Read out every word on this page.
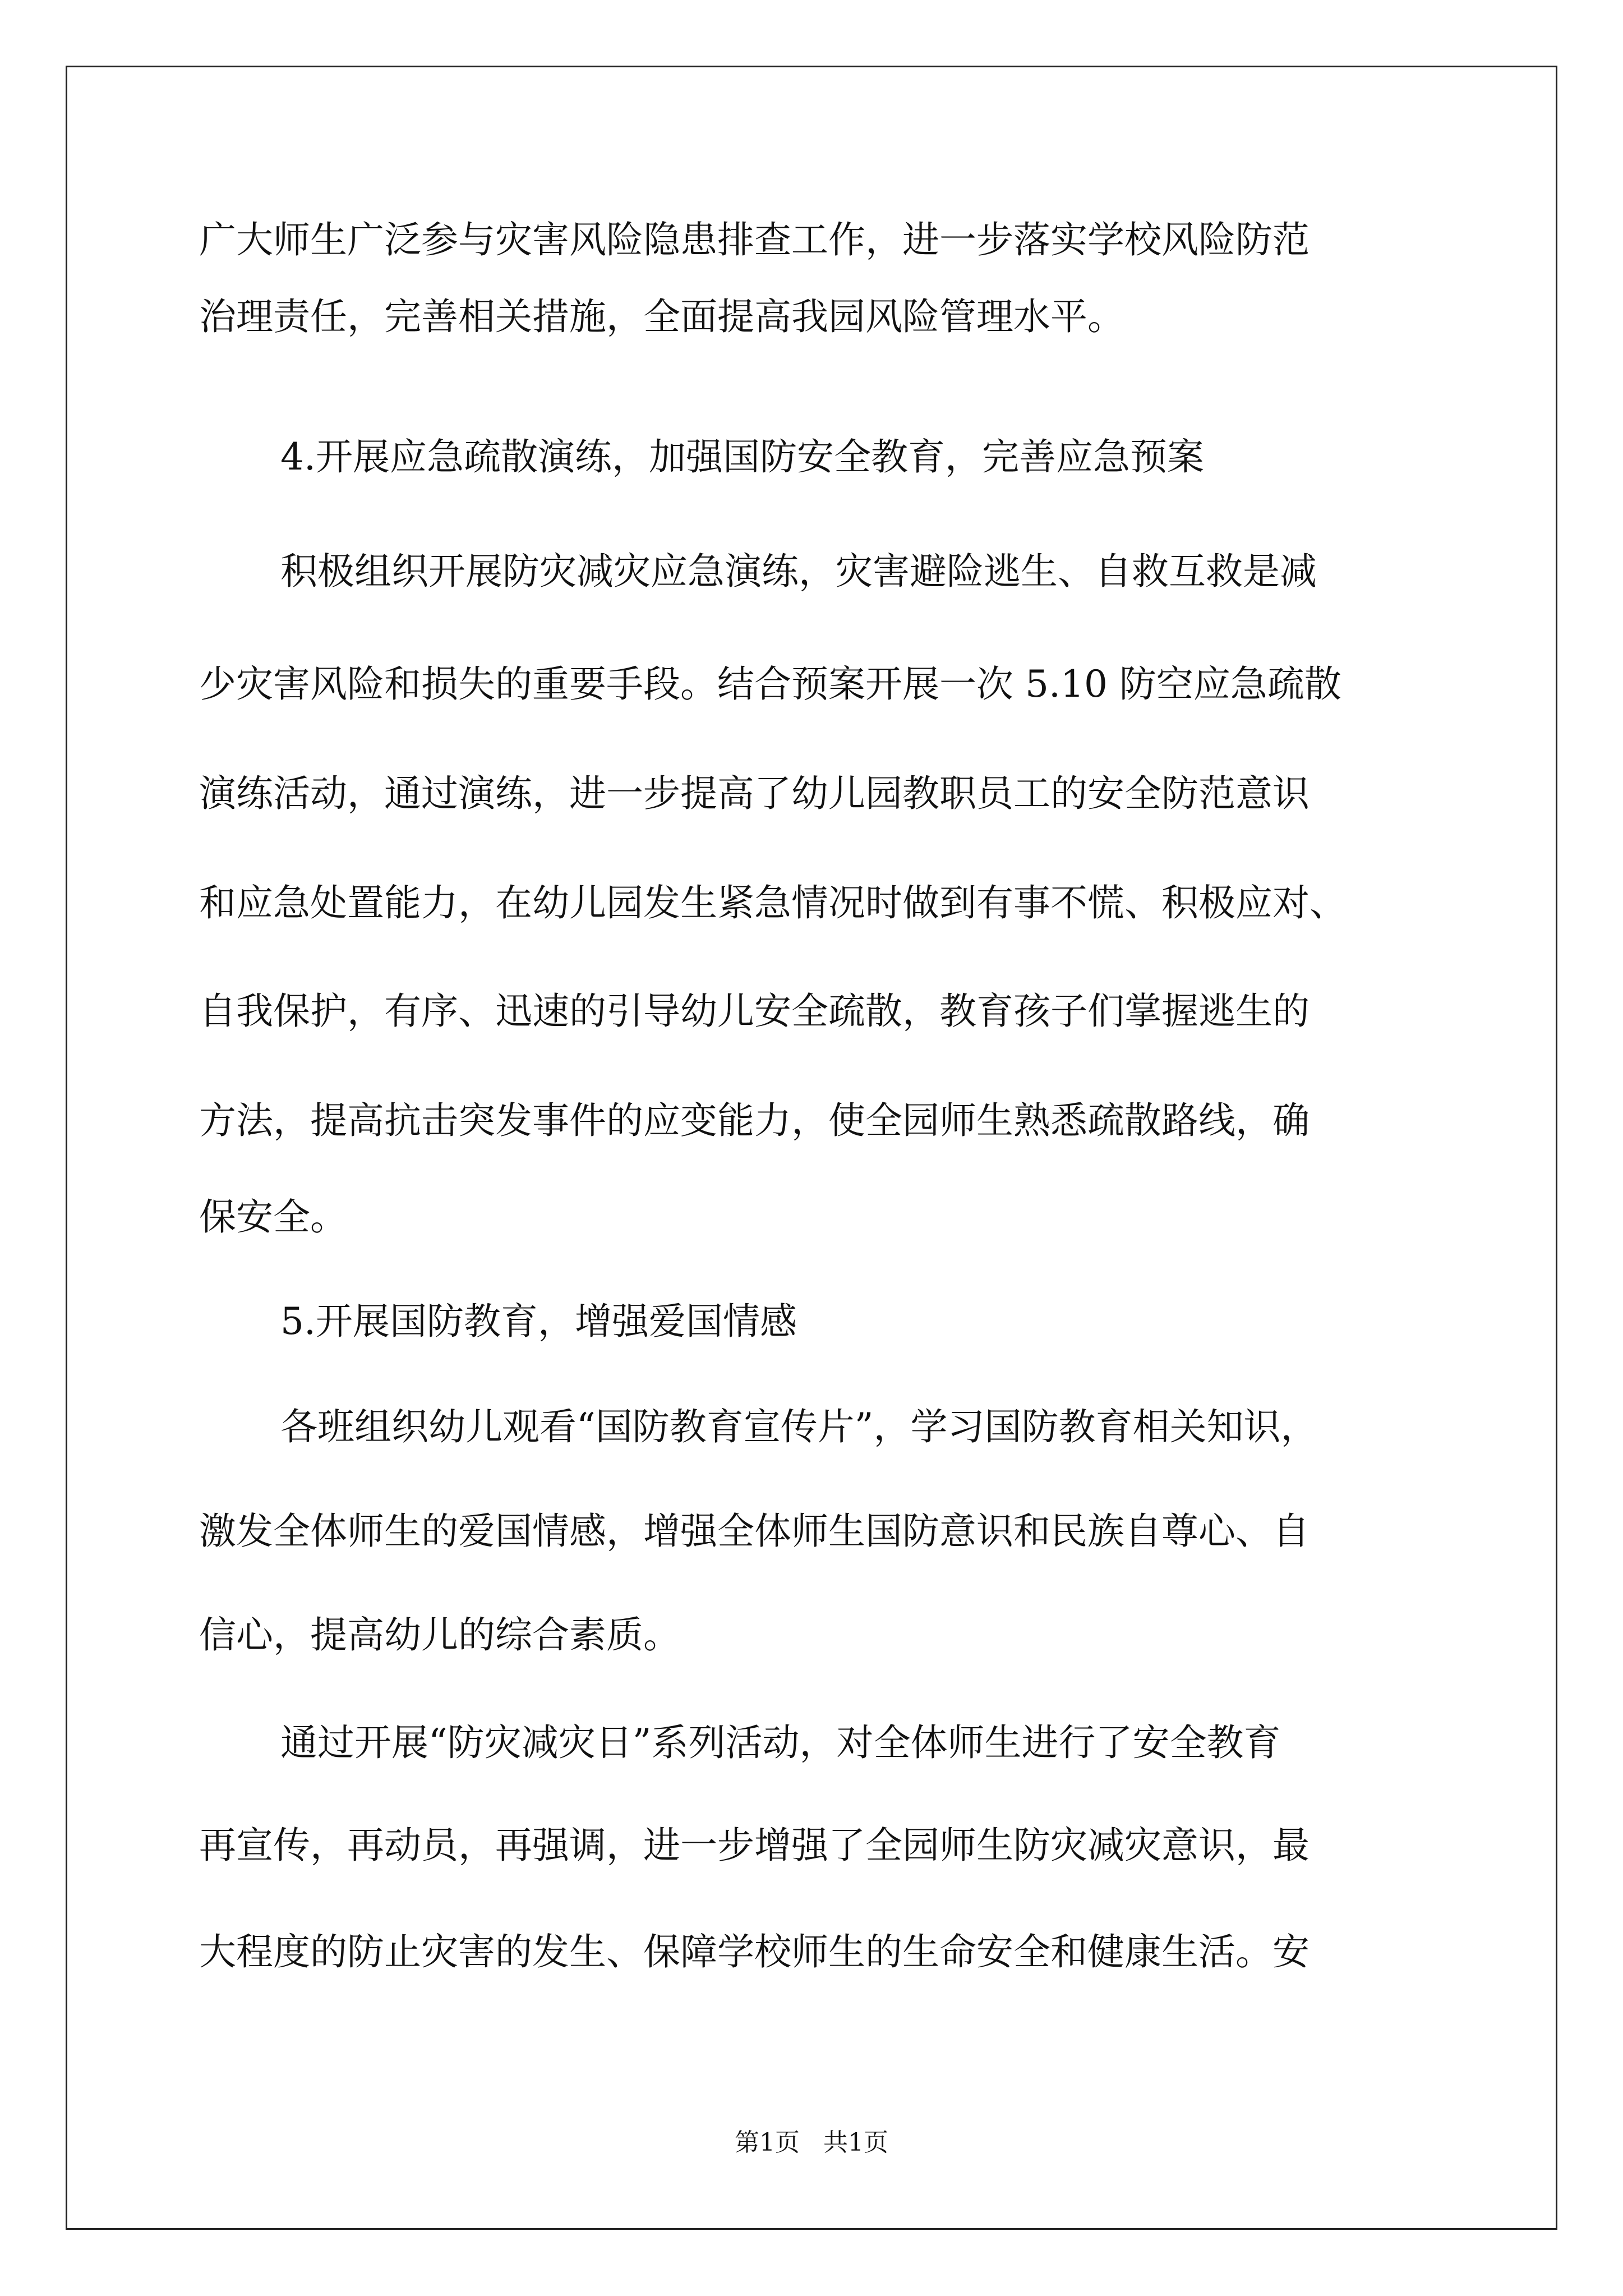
广大师生广泛参与灾害风险隐患排查工作，进一步落实学校风险防范
治理责任，完善相关措施，全面提高我园风险管理水平。
4.开展应急疏散演练，加强国防安全教育，完善应急预案
积极组织开展防灾减灾应急演练，灾害避险逃生、自救互救是减
少灾害风险和损失的重要手段。结合预案开展一次 5.10 防空应急疏散
演练活动，通过演练，进一步提高了幼儿园教职员工的安全防范意识
和应急处置能力，在幼儿园发生紧急情况时做到有事不慌、积极应对、
自我保护，有序、迅速的引导幼儿安全疏散，教育孩子们掌握逃生的
方法，提高抗击突发事件的应变能力，使全园师生熟悉疏散路线，确
保安全。
5.开展国防教育，增强爱国情感
各班组织幼儿观看“国防教育宣传片”，学习国防教育相关知识，
激发全体师生的爱国情感，增强全体师生国防意识和民族自尊心、自
信心，提高幼儿的综合素质。
通过开展“防灾减灾日”系列活动，对全体师生进行了安全教育
再宣传，再动员，再强调，进一步增强了全园师生防灾减灾意识，最
大程度的防止灾害的发生、保障学校师生的生命安全和健康生活。安
第1页   共1页
